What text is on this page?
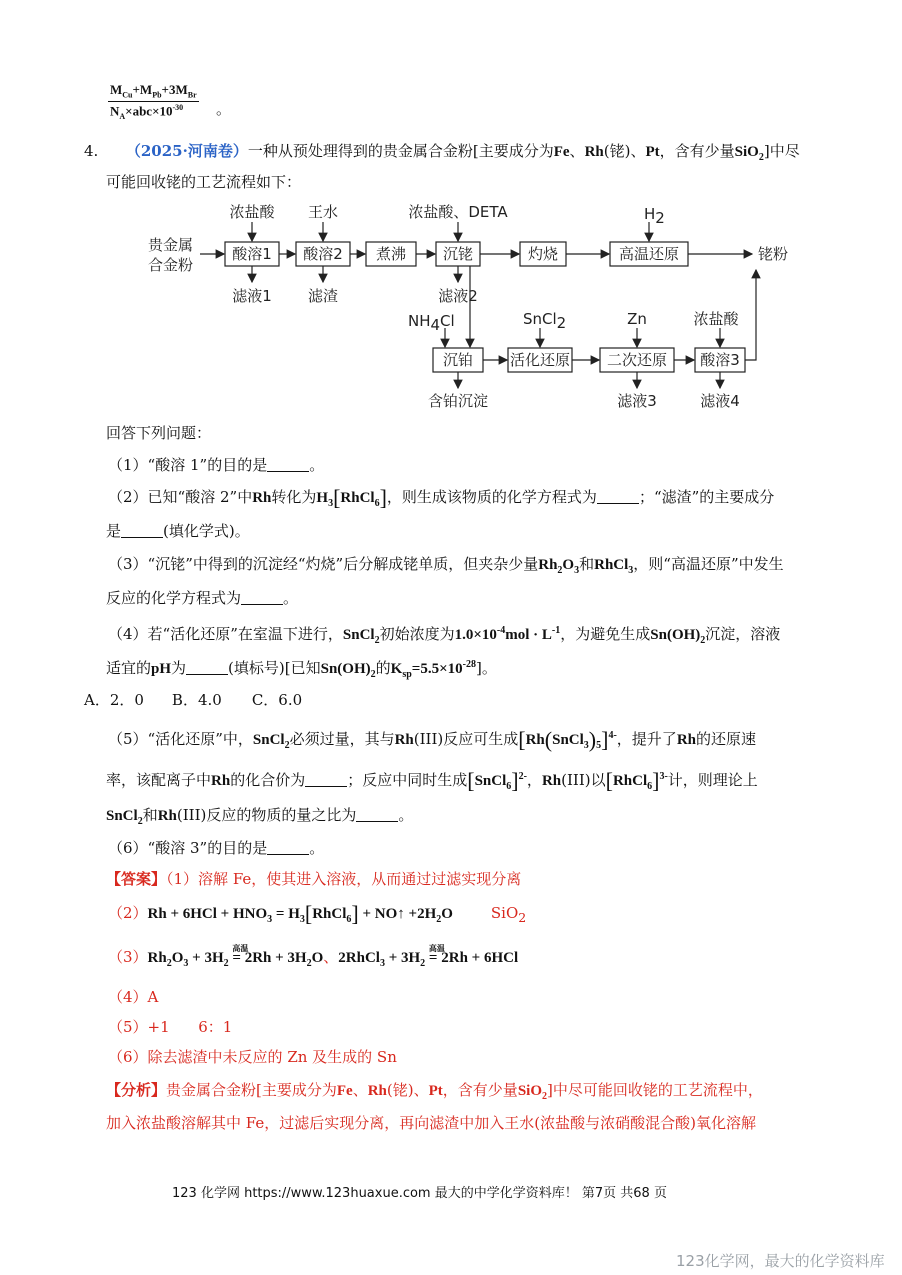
$M_{Cu}+M_{Pb}+3M_{Br}$
$N_A\times abc\times 10^{-30}$	。
4. （2025·河南卷）一种从预处理得到的贵金属合金粉[主要成分为Fe、Rh(铑)、Pt，含有少量SiO$_2$]中尽
可能回收铑的工艺流程如下：
贵金属
合金粉
酸溶1 酸溶2 煮沸 沉铑	灼烧	高温还原
沉铂 活化还原 二次还原 酸溶3
浓盐酸 王水	浓盐酸、DETA	H2
NH4Cl	SnCl2	Zn	浓盐酸
滤液1 滤渣	滤液2
含铂沉淀	滤液3	滤液4
铑粉
回答下列问题：
（1）“酸溶 1”的目的是	。
（2）已知“酸溶 2”中Rh转化为$H_3[RhCl_6]$，则生成该物质的化学方程式为	；“滤渣”的主要成分
是	(填化学式)。
（3）“沉铑”中得到的沉淀经“灼烧”后分解成铑单质，但夹杂少量$Rh_2O_3$和RhCl$_3$，则“高温还原”中发生
反应的化学方程式为	。
（4）若“活化还原”在室温下进行，SnCl$_2$初始浓度为$1.0\times 10^{-4}mol \cdot L^{-1}$，为避免生成$Sn(OH)_2$沉淀，溶液
适宜的pH为	(填标号)[已知$Sn(OH)_2$的$K_{sp}=5.5\times 10^{-28}$]。
A．2．0 B．4.0 C．6.0
（5）“活化还原”中，SnCl$_2$必须过量，其与Rh(III)反应可生成$[Rh(SnCl_3)_5]^{4-}$，提升了Rh的还原速
率，该配离子中Rh的化合价为	；反应中同时生成[SnCl$_6$]$^{2-}$，Rh(III)以[RhCl$_6$]$^{3-}$计，则理论上
SnCl$_2$和Rh(III)反应的物质的量之比为	。
（6）“酸溶 3”的目的是	。
【答案】（1）溶解 Fe，使其进入溶液，从而通过过滤实现分离
$(2)Rh + 6HCl + HNO_3$ = $H_3[RhCl_6]$ + NO↑ $+2H_2O$	SiO$_2$
$(3)Rh_2O_3 + 3H_2$
高温
= $2Rh + 3H_2O$、2RhCl$_3$ + $3H_2$
高温
= 2Rh + 6HCl
（4）A
（5）+1      6：1
（6）除去滤渣中未反应的 Zn 及生成的 Sn
【分析】贵金属合金粉[主要成分为Fe、Rh(铑)、Pt，含有少量SiO$_2$]中尽可能回收铑的工艺流程中，
加入浓盐酸溶解其中 Fe，过滤后实现分离，再向滤渣中加入王水(浓盐酸与浓硝酸混合酸)氧化溶解
123 化学网 https://www.123huaxue.com 最大的中学化学资料库！ 第7页 共68 页
123化学网，最大的化学资料库
